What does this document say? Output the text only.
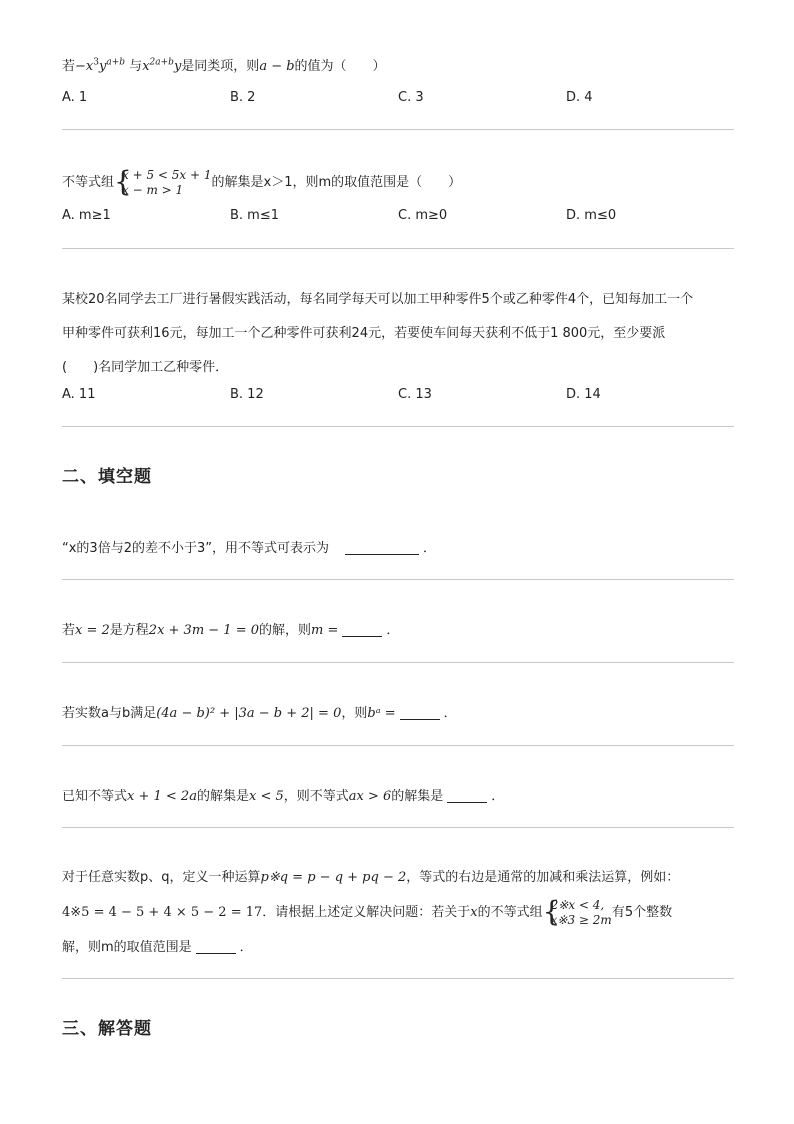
若$-x^3y^{a+b}$ 与$x^{2a+b}y$是同类项，则a − b的值为（　　）
A. 1	B. 2	C. 3	D. 4
不等式组 {
x + 5 < 5x + 1
x − m > 1	的解集是x＞1，则m的取值范围是（　　）
A. m≥1	B. m≤1	C. m≥0	D. m≤0
某校20名同学去工厂进行暑假实践活动，每名同学每天可以加工甲种零件5个或乙种零件4个，已知每加工一个
甲种零件可获利16元，每加工一个乙种零件可获利24元，若要使车间每天获利不低于1 800元，至少要派
(　　)名同学加工乙种零件．
A. 11	B. 12	C. 13	D. 14
二、填空题
“x的3倍与2的差不小于3”，用不等式可表示为	．
若x = 2是方程2x + 3m − 1 = 0的解，则m =	．
若实数a与b满足(4a − b)² + |3a − b + 2| = 0，则bᵃ =	．
已知不等式x + 1 < 2a的解集是x < 5，则不等式ax > 6的解集是	．
对于任意实数p、q，定义一种运算p※q = p − q + pq − 2，等式的右边是通常的加减和乘法运算，例如：
4※5 = 4 − 5 + 4 × 5 − 2 = 17．请根据上述定义解决问题：若关于x的不等式组 {
2※x < 4,
x※3 ≥ 2m 有5个整数
解，则m的取值范围是	．
三、解答题
